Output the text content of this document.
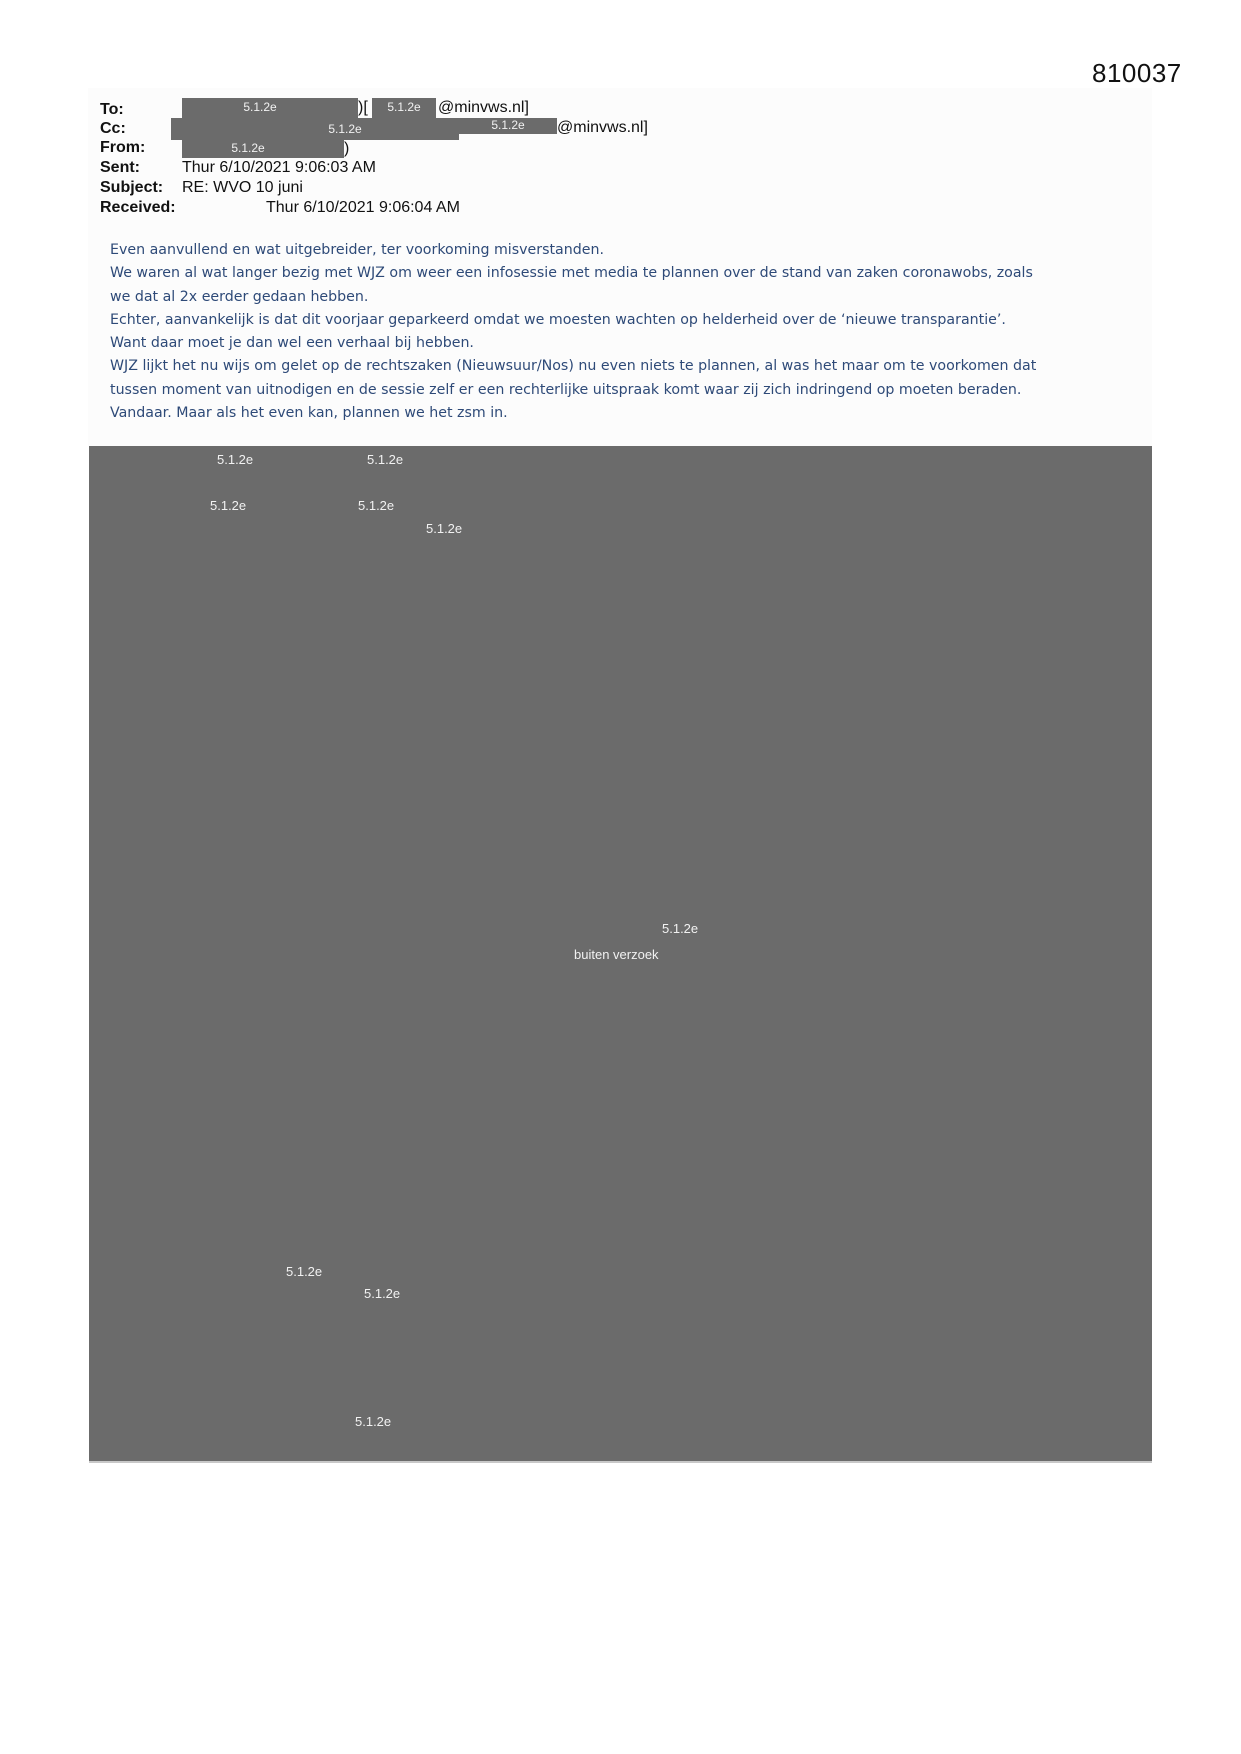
810037
To:	5.1.2e	)[	5.1.2e	@minvws.nl]
Cc:	5.1.2e	5.1.2e	@minvws.nl]
From:	5.1.2e	)
Sent:	Thur 6/10/2021 9:06:03 AM
Subject: RE: WVO 10 juni
Received:	Thur 6/10/2021 9:06:04 AM
Even aanvullend en wat uitgebreider, ter voorkoming misverstanden.
We waren al wat langer bezig met WJZ om weer een infosessie met media te plannen over de stand van zaken coronawobs, zoals
we dat al 2x eerder gedaan hebben.
Echter, aanvankelijk is dat dit voorjaar geparkeerd omdat we moesten wachten op helderheid over de ‘nieuwe transparantie’.
Want daar moet je dan wel een verhaal bij hebben.
WJZ lijkt het nu wijs om gelet op de rechtszaken (Nieuwsuur/Nos) nu even niets te plannen, al was het maar om te voorkomen dat
tussen moment van uitnodigen en de sessie zelf er een rechterlijke uitspraak komt waar zij zich indringend op moeten beraden.
Vandaar. Maar als het even kan, plannen we het zsm in.
5.1.2e	5.1.2e
5.1.2e	5.1.2e
5.1.2e
5.1.2e
buiten verzoek
5.1.2e
5.1.2e
5.1.2e
